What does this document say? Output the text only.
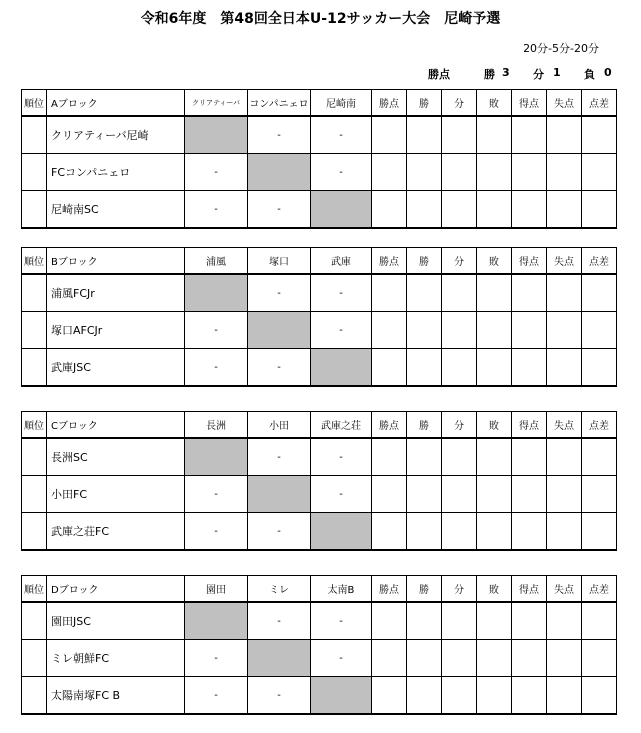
令和6年度　第48回全日本U-12サッカー大会　尼崎予選
20分-5分-20分
勝点	勝 3 分 1 負 0
順位	Aブロック	クリアティーバ	コンパニェロ	尼崎南	勝点	勝	分	敗	得点	失点	点差
	クリアティーバ尼崎		-	-							
	FCコンパニェロ	-		-							
	尼崎南SC	-	-								
順位	Bブロック	浦風	塚口	武庫	勝点	勝	分	敗	得点	失点	点差
	浦風FCJr		-	-							
	塚口AFCJr	-		-							
	武庫JSC	-	-								
順位	Cブロック	長洲	小田	武庫之荘	勝点	勝	分	敗	得点	失点	点差
	長洲SC		-	-							
	小田FC	-		-							
	武庫之荘FC	-	-								
順位	Dブロック	園田	ミレ	太南B	勝点	勝	分	敗	得点	失点	点差
	園田JSC		-	-							
	ミレ朝鮮FC	-		-							
	太陽南塚FC B	-	-								
